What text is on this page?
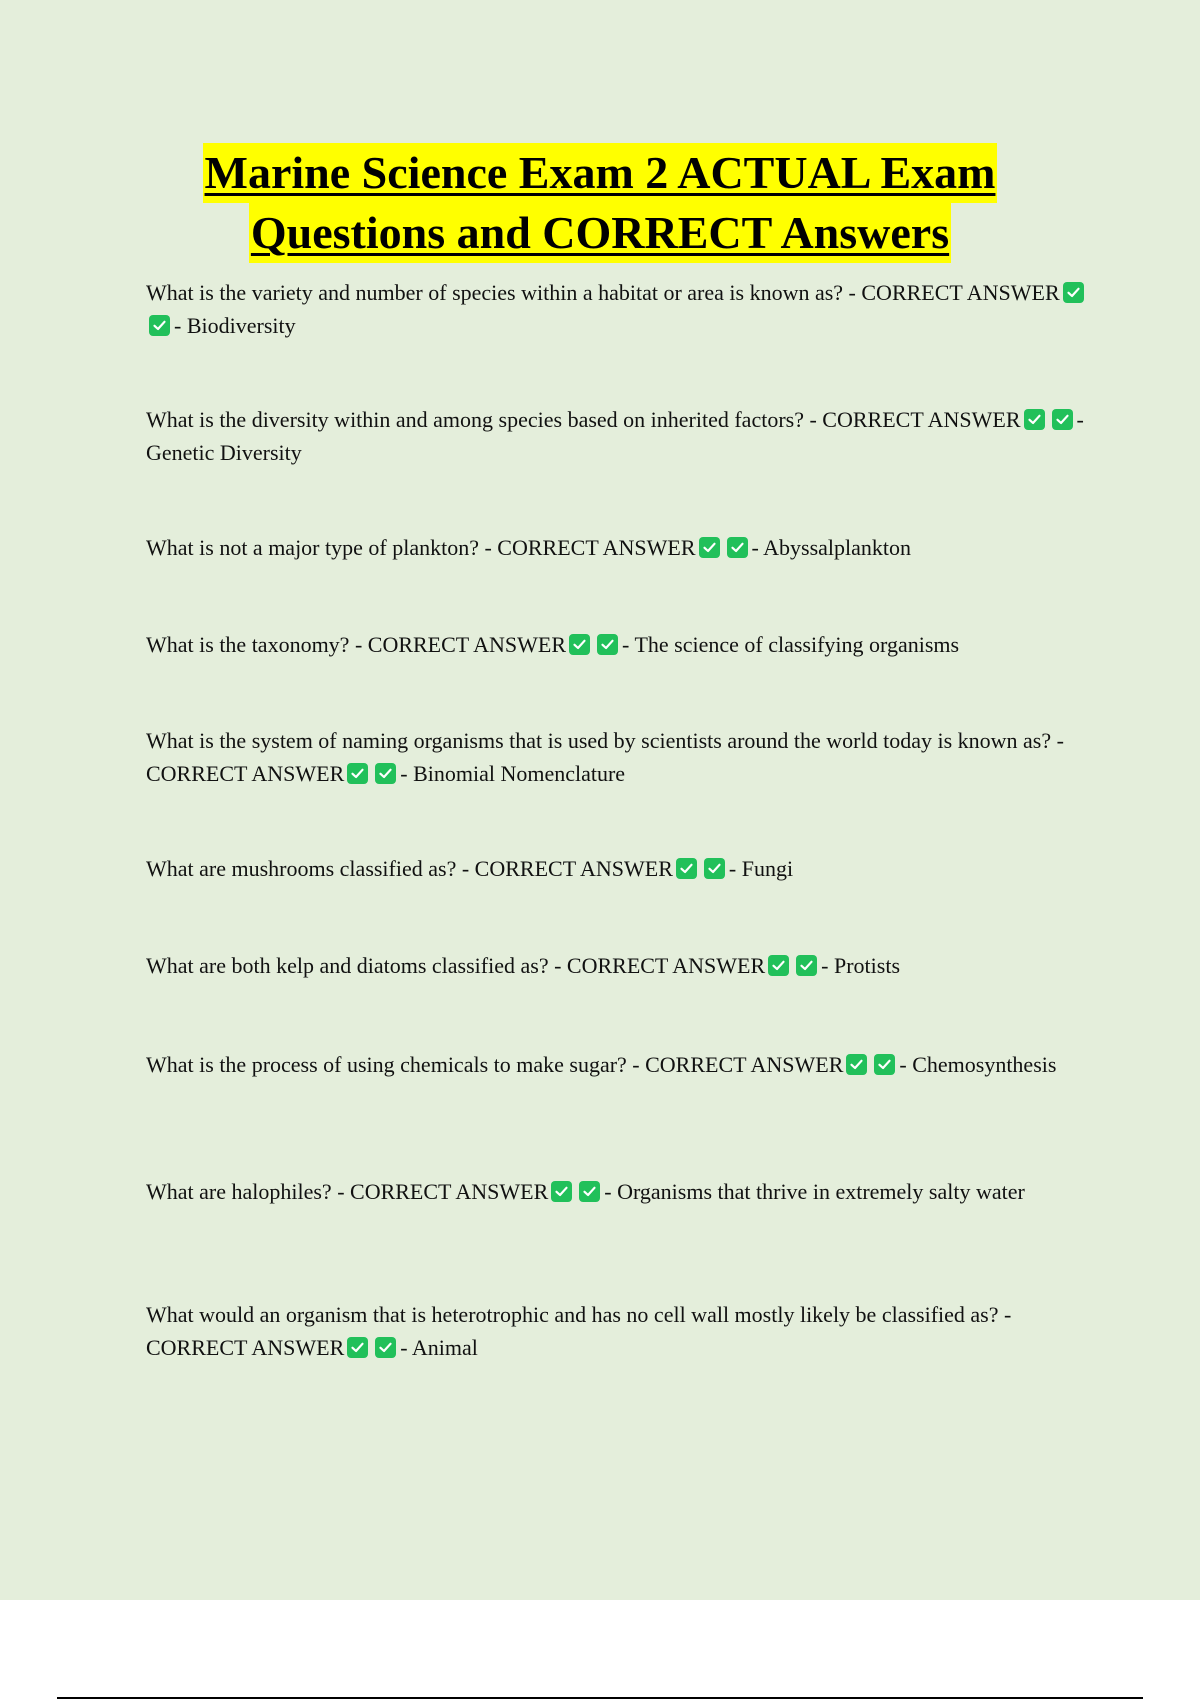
Marine Science Exam 2 ACTUAL Exam
Questions and CORRECT Answers
What is the variety and number of species within a habitat or area is known as? - CORRECT ANSWER
- Biodiversity
What is the diversity within and among species based on inherited factors? - CORRECT ANSWER	- Genetic Diversity
What is not a major type of plankton? - CORRECT ANSWER	- Abyssalplankton
What is the taxonomy? - CORRECT ANSWER	- The science of classifying organisms
What is the system of naming organisms that is used by scientists around the world today is known as? - CORRECT ANSWER	- Binomial Nomenclature
What are mushrooms classified as? - CORRECT ANSWER	- Fungi
What are both kelp and diatoms classified as? - CORRECT ANSWER	- Protists
What is the process of using chemicals to make sugar? - CORRECT ANSWER	- Chemosynthesis
What are halophiles? - CORRECT ANSWER	- Organisms that thrive in extremely salty water
What would an organism that is heterotrophic and has no cell wall mostly likely be classified as? - CORRECT ANSWER	- Animal
